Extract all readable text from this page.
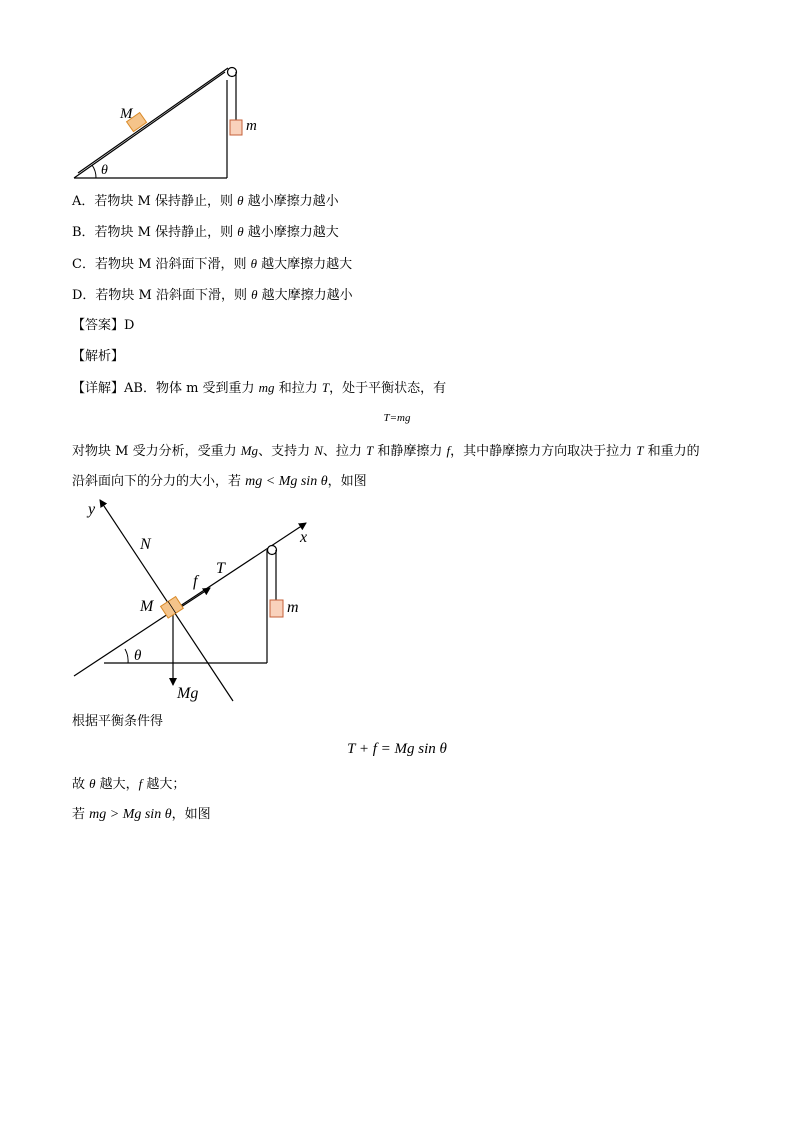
M
m
θ
A．若物块 M 保持静止，则 θ 越小摩擦力越小
B．若物块 M 保持静止，则 θ 越小摩擦力越大
C．若物块 M 沿斜面下滑，则 θ 越大摩擦力越大
D．若物块 M 沿斜面下滑，则 θ 越大摩擦力越小
【答案】D
【解析】
【详解】AB．物体 m 受到重力 mg 和拉力 T，处于平衡状态，有
T=mg
对物块 M 受力分析，受重力 Mg、支持力 N、拉力 T 和静摩擦力 f，其中静摩擦力方向取决于拉力 T 和重力的
沿斜面向下的分力的大小，若 mg < Mg sin θ，如图
x
y
N
T
f
M	m
θ
Mg
根据平衡条件得
T + f = Mg sin θ
故 θ 越大，f 越大；
若 mg > Mg sin θ，如图
